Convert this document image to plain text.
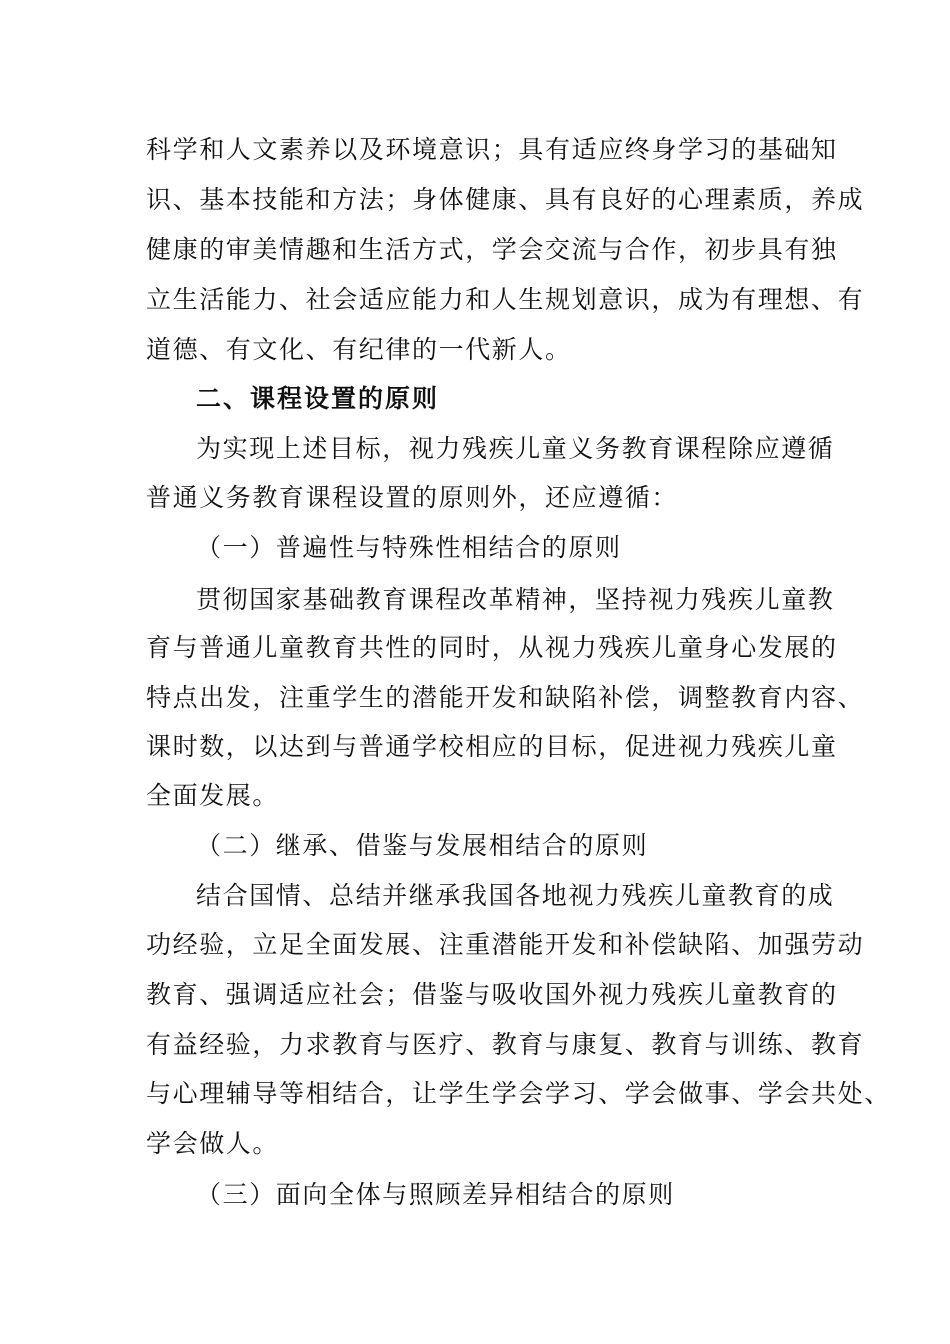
科学和人文素养以及环境意识；具有适应终身学习的基础知
识、基本技能和方法；身体健康、具有良好的心理素质，养成
健康的审美情趣和生活方式，学会交流与合作，初步具有独
立生活能力、社会适应能力和人生规划意识，成为有理想、有
道德、有文化、有纪律的一代新人。
二、课程设置的原则
为实现上述目标，视力残疾儿童义务教育课程除应遵循
普通义务教育课程设置的原则外，还应遵循：
（一）普遍性与特殊性相结合的原则
贯彻国家基础教育课程改革精神，坚持视力残疾儿童教
育与普通儿童教育共性的同时，从视力残疾儿童身心发展的
特点出发，注重学生的潜能开发和缺陷补偿，调整教育内容、
课时数，以达到与普通学校相应的目标，促进视力残疾儿童
全面发展。
（二）继承、借鉴与发展相结合的原则
结合国情、总结并继承我国各地视力残疾儿童教育的成
功经验，立足全面发展、注重潜能开发和补偿缺陷、加强劳动
教育、强调适应社会；借鉴与吸收国外视力残疾儿童教育的
有益经验，力求教育与医疗、教育与康复、教育与训练、教育
与心理辅导等相结合，让学生学会学习、学会做事、学会共处、
学会做人。
（三）面向全体与照顾差异相结合的原则
